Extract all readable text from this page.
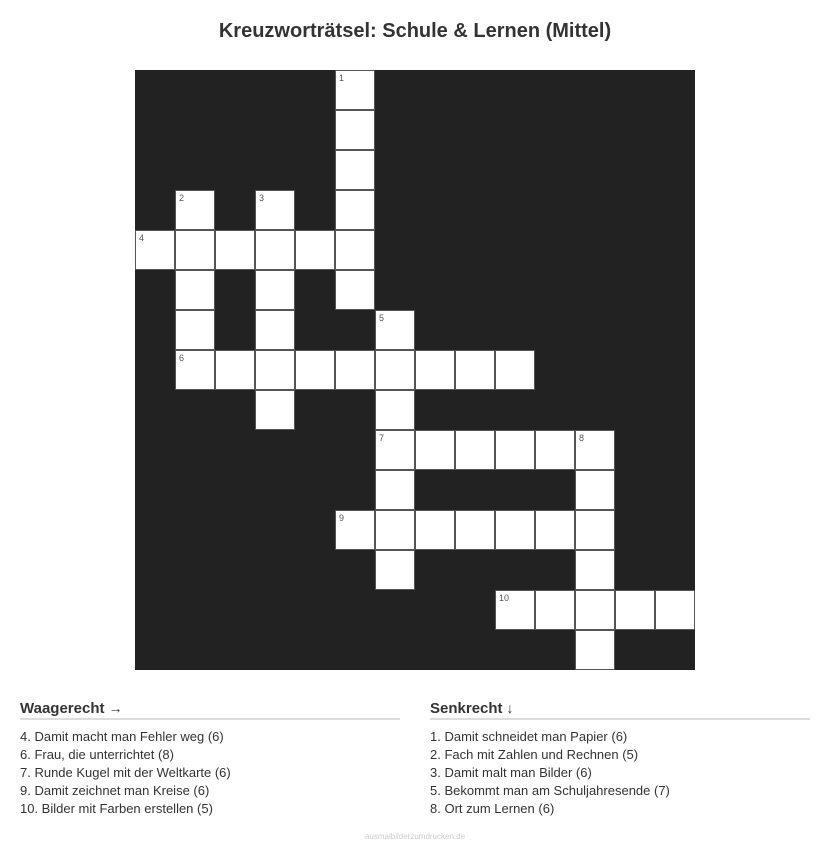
Kreuzworträtsel: Schule & Lernen (Mittel)
1
2
6
3
4
5
7	8
9
10
Waagerecht →
4. Damit macht man Fehler weg (6)
6. Frau, die unterrichtet (8)
7. Runde Kugel mit der Weltkarte (6)
9. Damit zeichnet man Kreise (6)
10. Bilder mit Farben erstellen (5)
Senkrecht ↓
1. Damit schneidet man Papier (6)
2. Fach mit Zahlen und Rechnen (5)
3. Damit malt man Bilder (6)
5. Bekommt man am Schuljahresende (7)
8. Ort zum Lernen (6)
ausmalbilderzumdrucken.de
